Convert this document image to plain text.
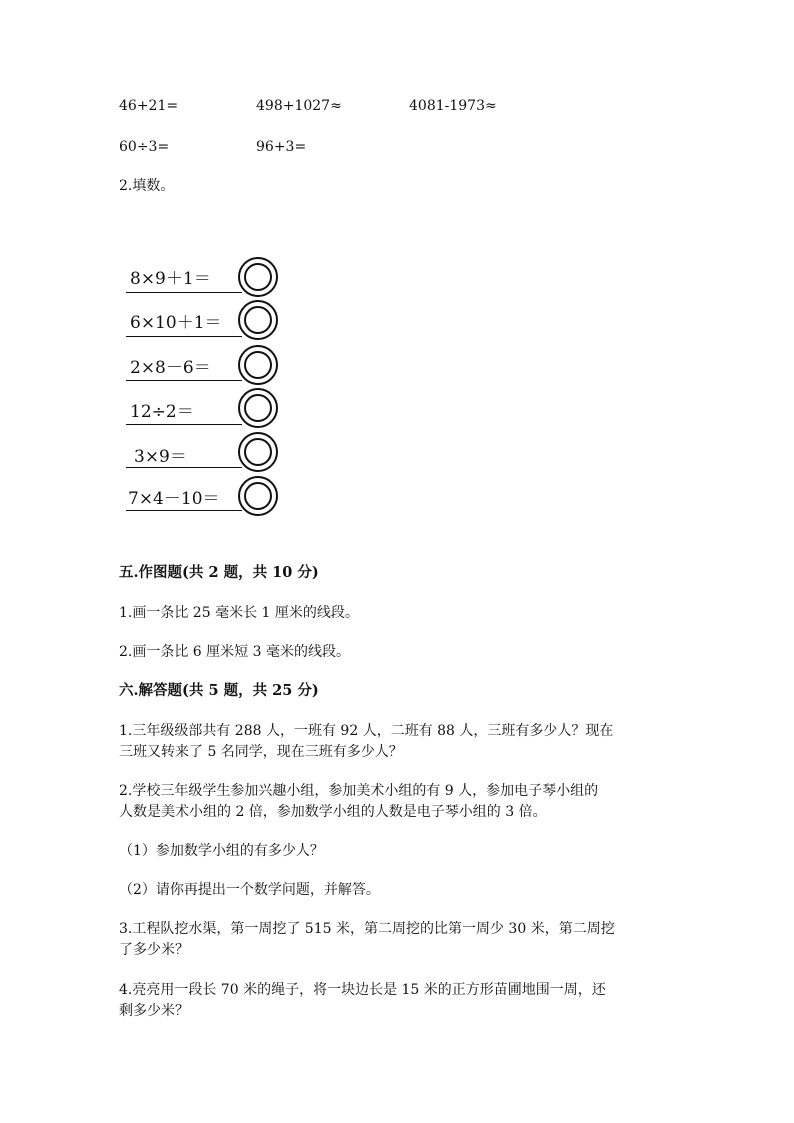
46+21=	498+1027≈	4081-1973≈
60÷3=	96+3=
2.填数。
8×9＋1＝
6×10＋1＝
2×8－6＝
12÷2＝
3×9＝
7×4－10＝
五.作图题(共 2 题，共 10 分)
1.画一条比 25 毫米长 1 厘米的线段。
2.画一条比 6 厘米短 3 毫米的线段。
六.解答题(共 5 题，共 25 分)
1.三年级级部共有 288 人，一班有 92 人，二班有 88 人，三班有多少人？现在
三班又转来了 5 名同学，现在三班有多少人？
2.学校三年级学生参加兴趣小组，参加美术小组的有 9 人，参加电子琴小组的
人数是美术小组的 2 倍，参加数学小组的人数是电子琴小组的 3 倍。
（1）参加数学小组的有多少人？
（2）请你再提出一个数学问题，并解答。
3.工程队挖水渠，第一周挖了 515 米，第二周挖的比第一周少 30 米，第二周挖
了多少米？
4.亮亮用一段长 70 米的绳子，将一块边长是 15 米的正方形苗圃地围一周，还
剩多少米？
